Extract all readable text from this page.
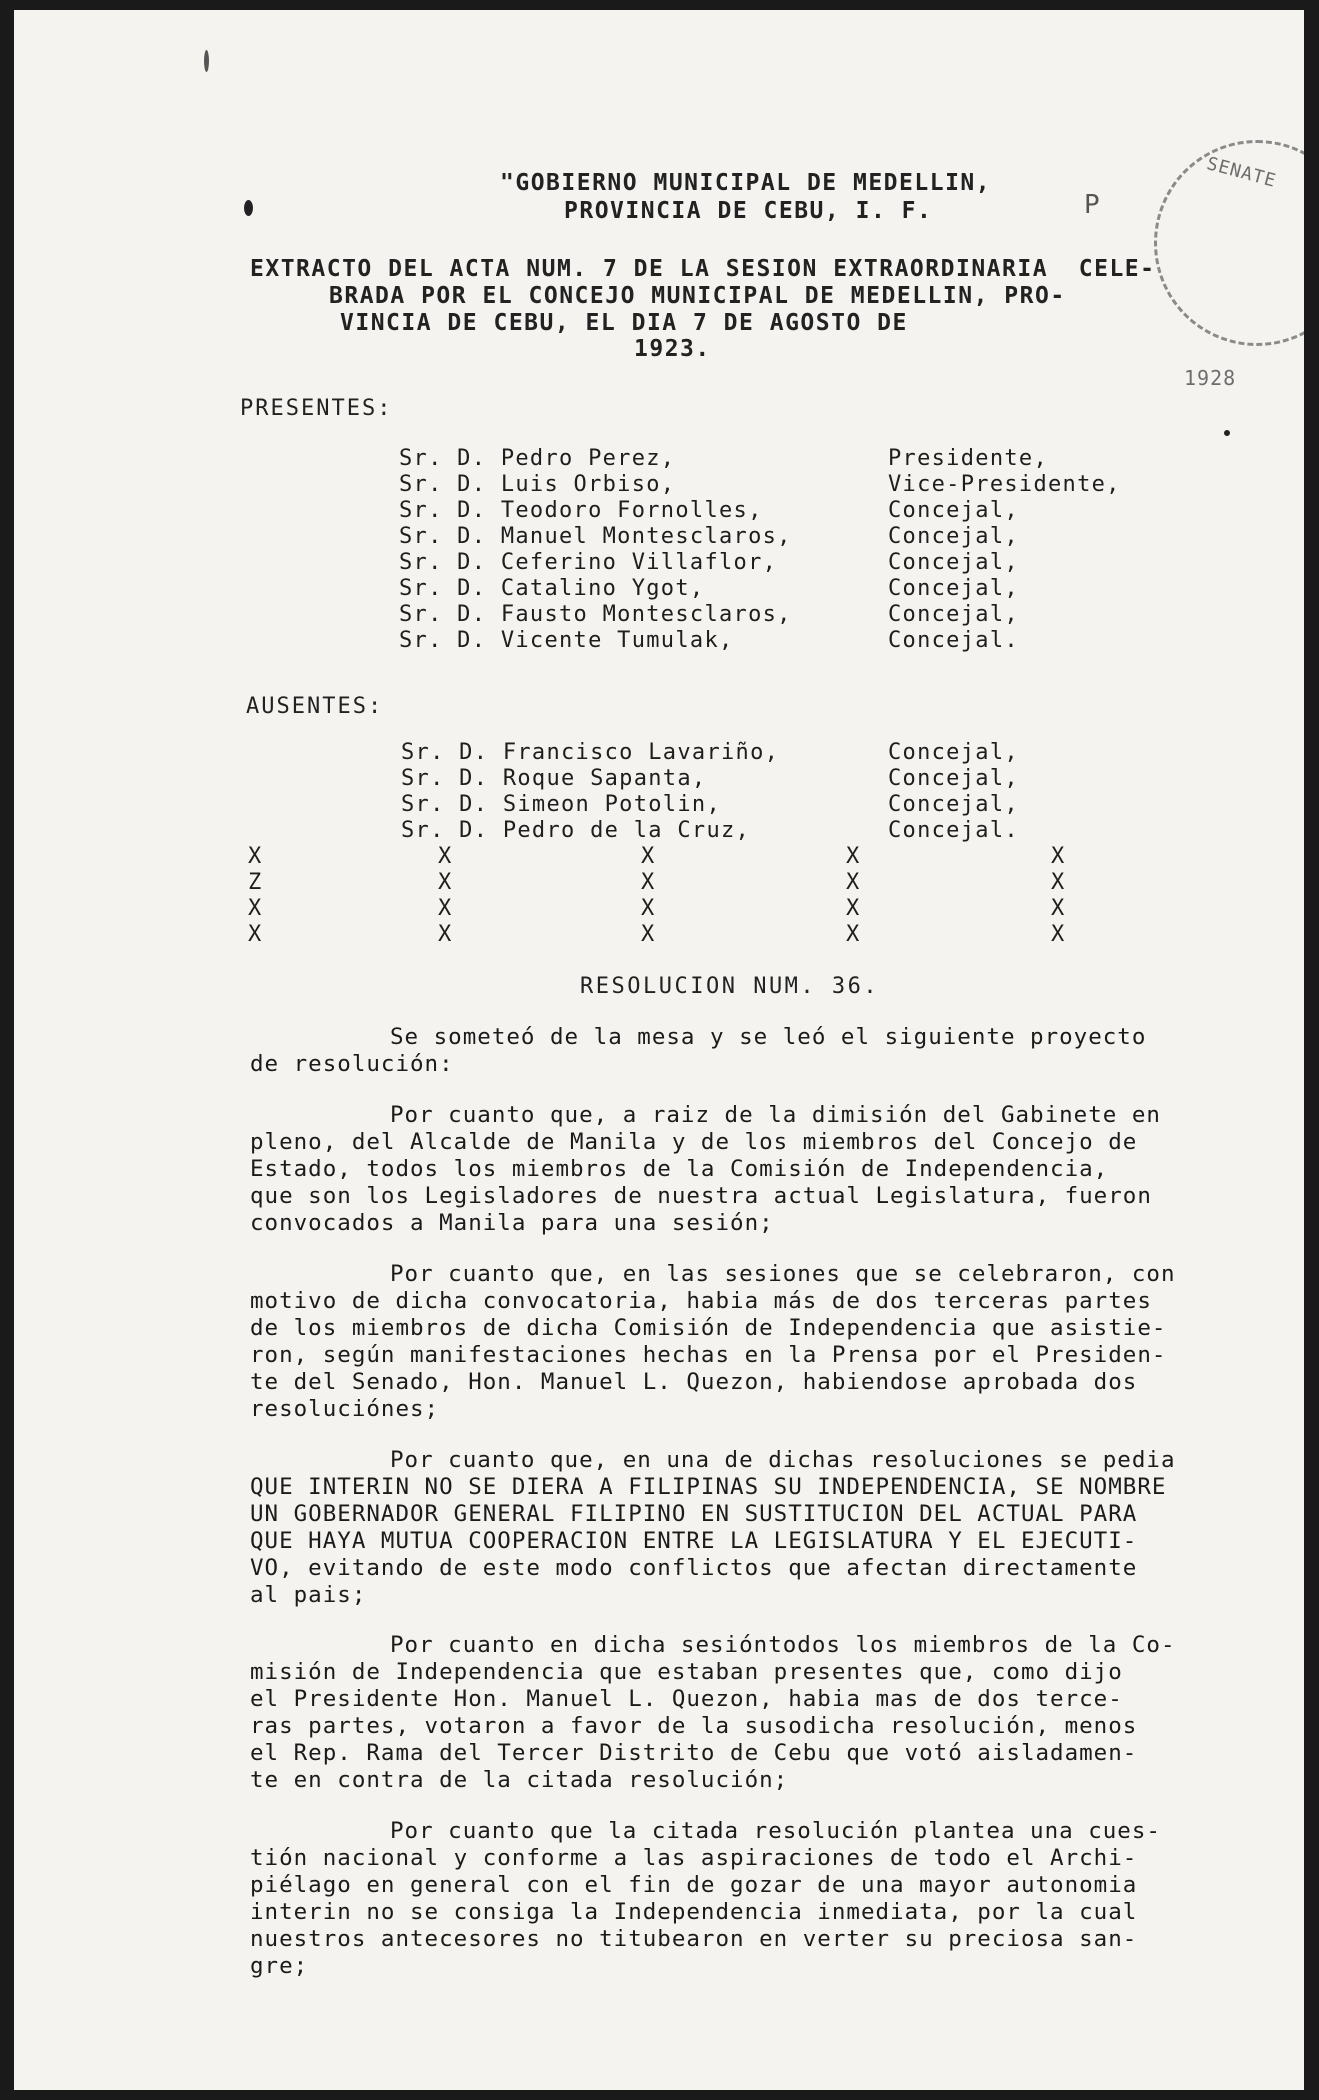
"GOBIERNO MUNICIPAL DE MEDELLIN,
PROVINCIA DE CEBU, I. F.
EXTRACTO DEL ACTA NUM. 7 DE LA SESION EXTRAORDINARIA  CELE-
BRADA POR EL CONCEJO MUNICIPAL DE MEDELLIN, PRO-
VINCIA DE CEBU, EL DIA 7 DE AGOSTO DE
1923.
SENATE
1928
P
PRESENTES:
Sr. D. Pedro Perez,	Presidente,
Sr. D. Luis Orbiso,	Vice-Presidente,
Sr. D. Teodoro Fornolles,	Concejal,
Sr. D. Manuel Montesclaros,	Concejal,
Sr. D. Ceferino Villaflor,	Concejal,
Sr. D. Catalino Ygot,	Concejal,
Sr. D. Fausto Montesclaros,	Concejal,
Sr. D. Vicente Tumulak,	Concejal.
AUSENTES:
Sr. D. Francisco Lavariño,	Concejal,
Sr. D. Roque Sapanta,	Concejal,
Sr. D. Simeon Potolin,	Concejal,
Sr. D. Pedro de la Cruz,	Concejal.
X	X	X	X	X
Z	X	X	X	X
X	X	X	X	X
X	X	X	X	X
RESOLUCION NUM. 36.
Se someteó de la mesa y se leó el siguiente proyecto
de resolución:
Por cuanto que, a raiz de la dimisión del Gabinete en
pleno, del Alcalde de Manila y de los miembros del Concejo de
Estado, todos los miembros de la Comisión de Independencia,
que son los Legisladores de nuestra actual Legislatura, fueron
convocados a Manila para una sesión;
Por cuanto que, en las sesiones que se celebraron, con
motivo de dicha convocatoria, habia más de dos terceras partes
de los miembros de dicha Comisión de Independencia que asistie-
ron, según manifestaciones hechas en la Prensa por el Presiden-
te del Senado, Hon. Manuel L. Quezon, habiendose aprobada dos
resoluciónes;
Por cuanto que, en una de dichas resoluciones se pedia
QUE INTERIN NO SE DIERA A FILIPINAS SU INDEPENDENCIA, SE NOMBRE
UN GOBERNADOR GENERAL FILIPINO EN SUSTITUCION DEL ACTUAL PARA
QUE HAYA MUTUA COOPERACION ENTRE LA LEGISLATURA Y EL EJECUTI-
VO, evitando de este modo conflictos que afectan directamente
al pais;
Por cuanto en dicha sesióntodos los miembros de la Co-
misión de Independencia que estaban presentes que, como dijo
el Presidente Hon. Manuel L. Quezon, habia mas de dos terce-
ras partes, votaron a favor de la susodicha resolución, menos
el Rep. Rama del Tercer Distrito de Cebu que votó aisladamen-
te en contra de la citada resolución;
Por cuanto que la citada resolución plantea una cues-
tión nacional y conforme a las aspiraciones de todo el Archi-
piélago en general con el fin de gozar de una mayor autonomia
interin no se consiga la Independencia inmediata, por la cual
nuestros antecesores no titubearon en verter su preciosa san-
gre;
